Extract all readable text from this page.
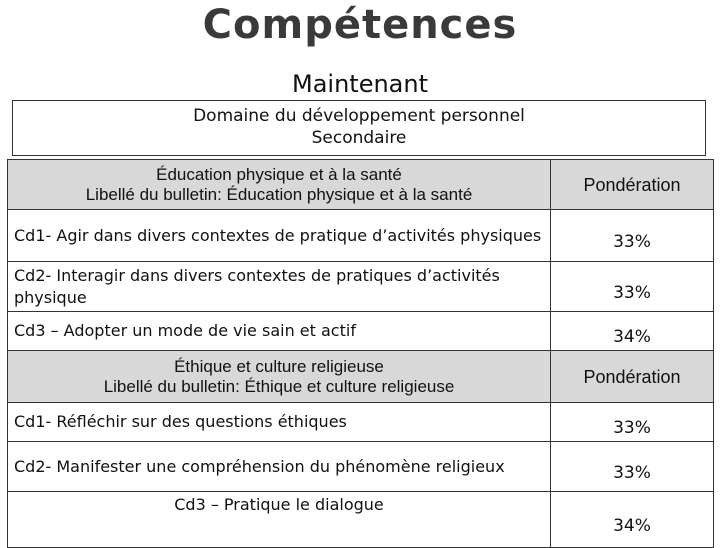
Compétences
Maintenant
Domaine du développement personnel
Secondaire
Éducation physique et à la santé
Libellé du bulletin: Éducation physique et à la santé	Pondération
Cd1- Agir dans divers contextes de pratique d’activités physiques	33%
Cd2- Interagir dans divers contextes de pratiques d’activités physique	33%
Cd3 – Adopter un mode de vie sain et actif	34%

Éthique et culture religieuse
Libellé du bulletin: Éthique et culture religieuse	Pondération
Cd1- Réfléchir sur des questions éthiques	33%
Cd2- Manifester une compréhension du phénomène religieux	33%
Cd3 – Pratique le dialogue	34%
